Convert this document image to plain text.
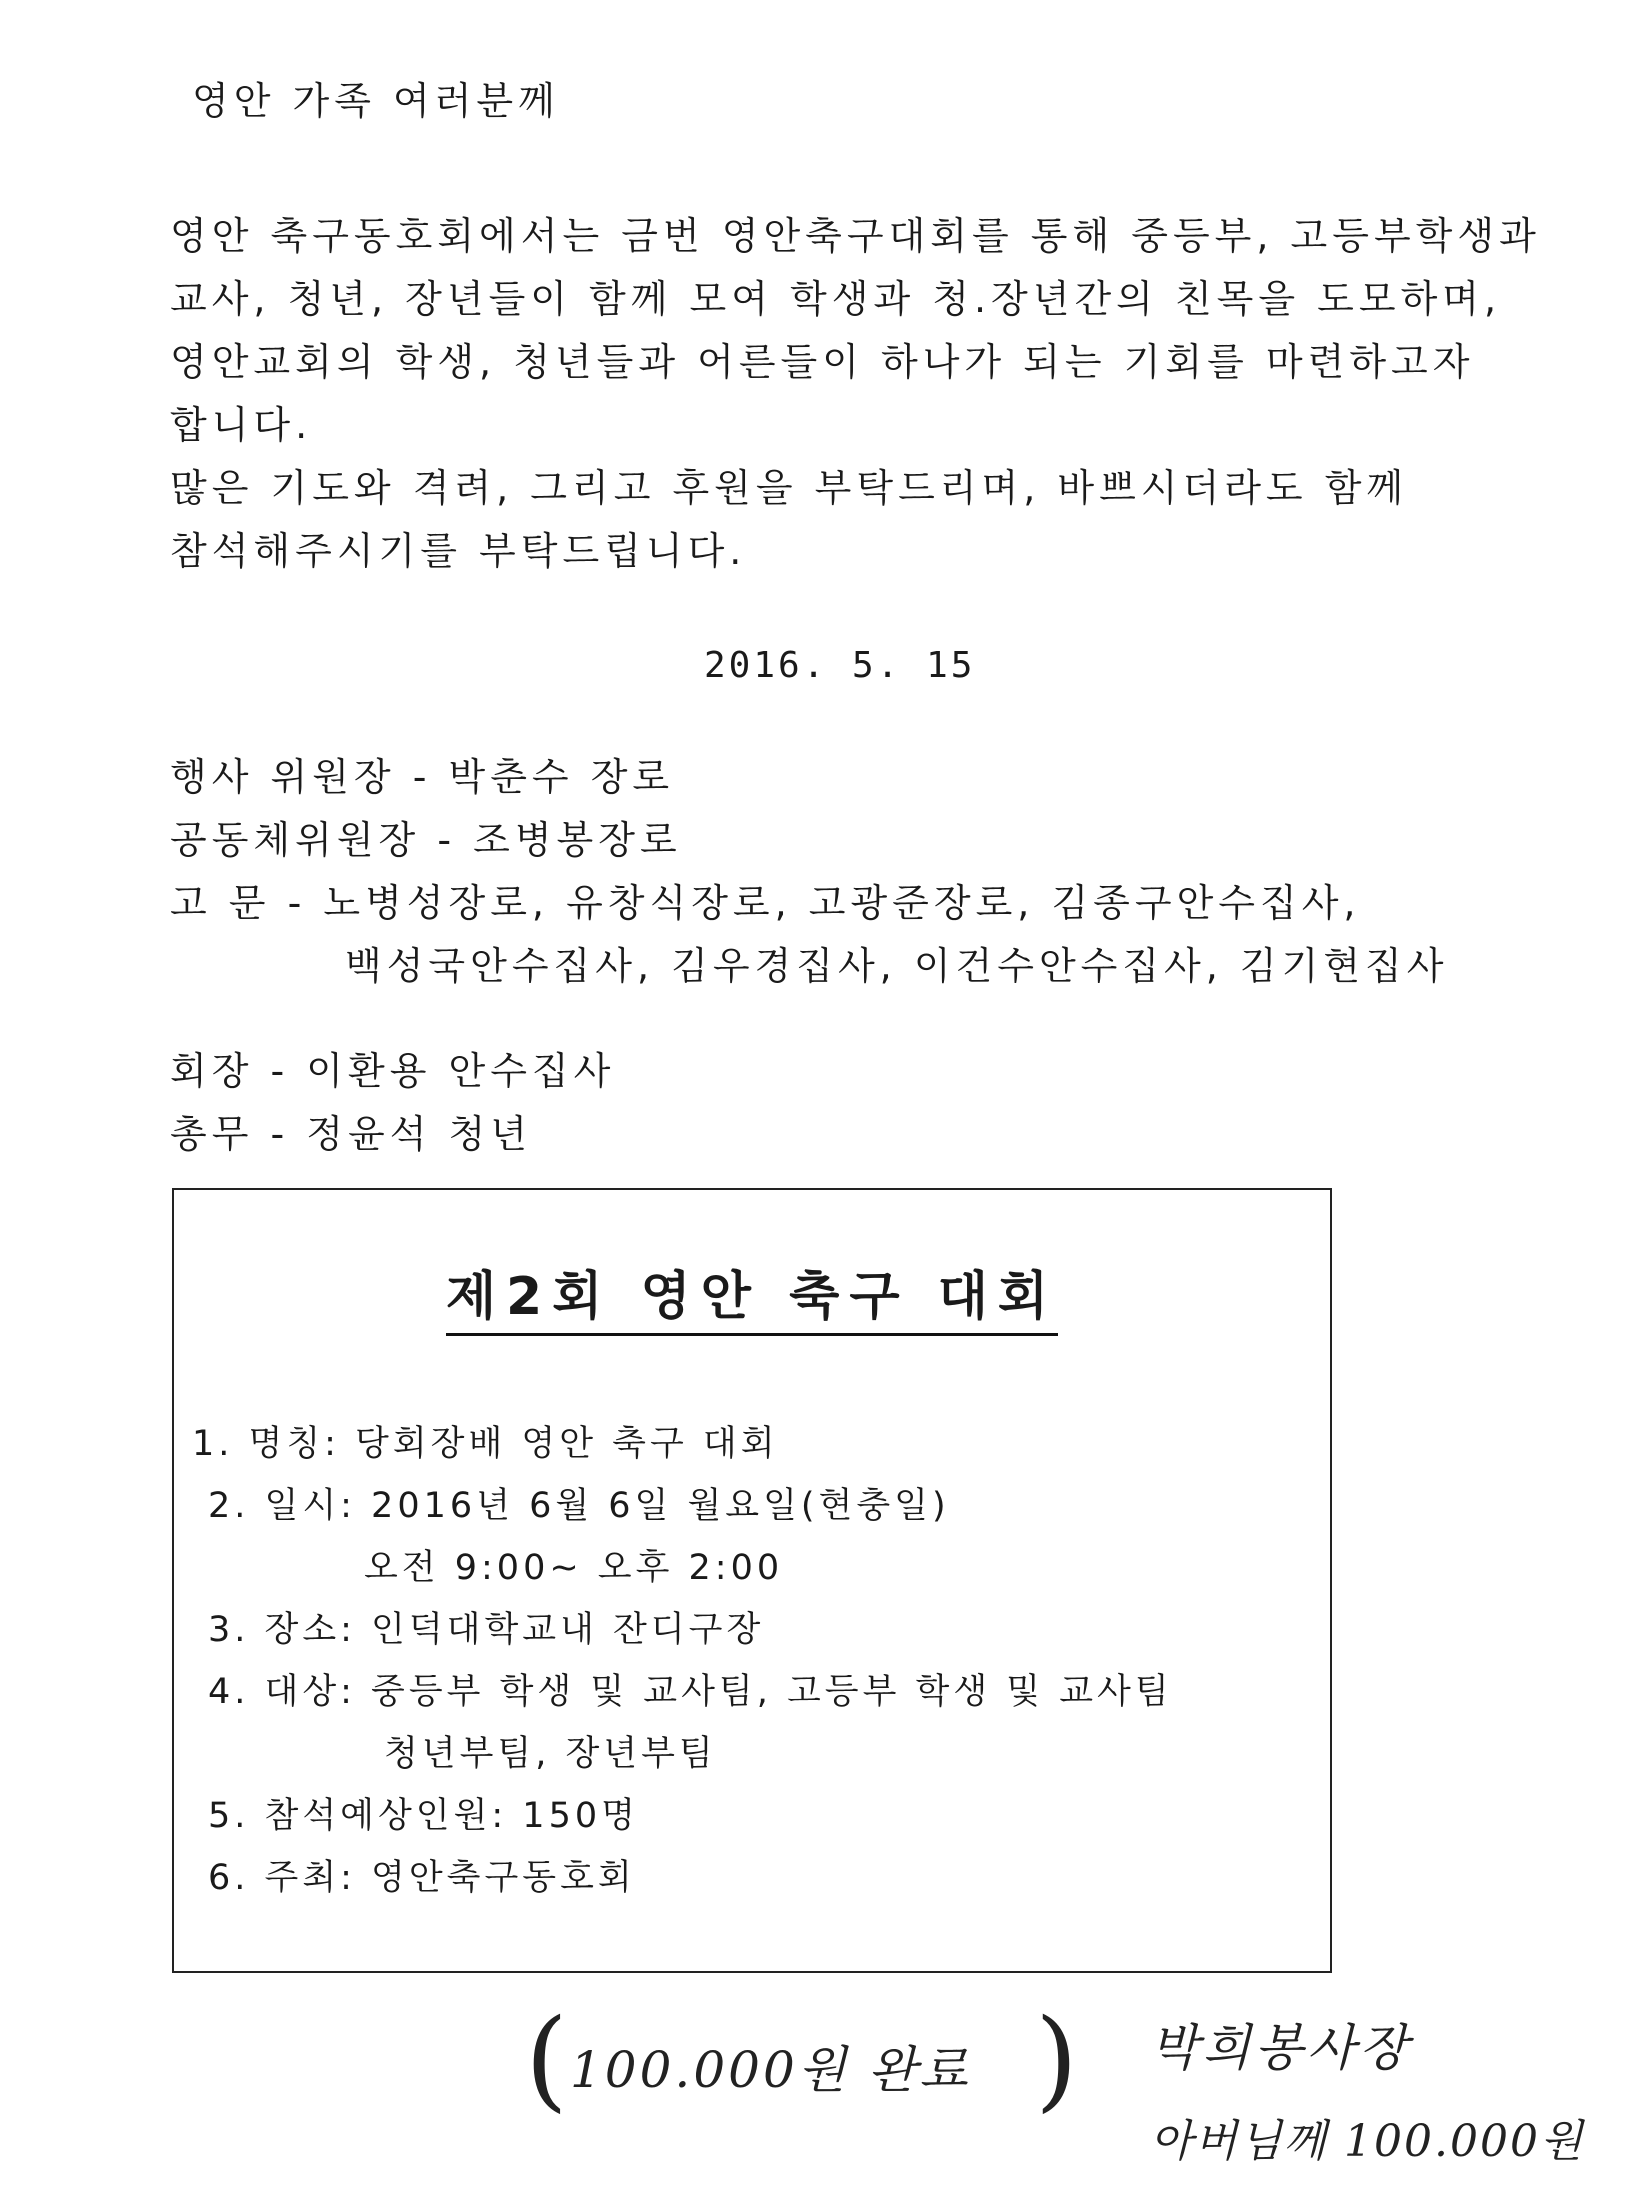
영안 가족 여러분께
영안 축구동호회에서는 금번 영안축구대회를 통해 중등부, 고등부학생과
교사, 청년, 장년들이 함께 모여 학생과 청.장년간의 친목을 도모하며,
영안교회의 학생, 청년들과 어른들이 하나가 되는 기회를 마련하고자
합니다.
많은 기도와 격려, 그리고 후원을 부탁드리며, 바쁘시더라도 함께
참석해주시기를 부탁드립니다.
2016. 5. 15
행사 위원장 - 박춘수 장로
공동체위원장 - 조병봉장로
고 문 - 노병성장로, 유창식장로, 고광준장로, 김종구안수집사,
백성국안수집사, 김우경집사, 이건수안수집사, 김기현집사
회장 - 이환용 안수집사
총무 - 정윤석 청년
제2회 영안 축구 대회
1. 명칭: 당회장배 영안 축구 대회
2. 일시: 2016년 6월 6일 월요일(현충일)
오전 9:00~ 오후 2:00
3. 장소: 인덕대학교내 잔디구장
4. 대상: 중등부 학생 및 교사팀, 고등부 학생 및 교사팀
청년부팀, 장년부팀
5. 참석예상인원: 150명
6. 주최: 영안축구동호회
( 100.000원 완료 ) 박희봉사장
아버님께 100.000원
